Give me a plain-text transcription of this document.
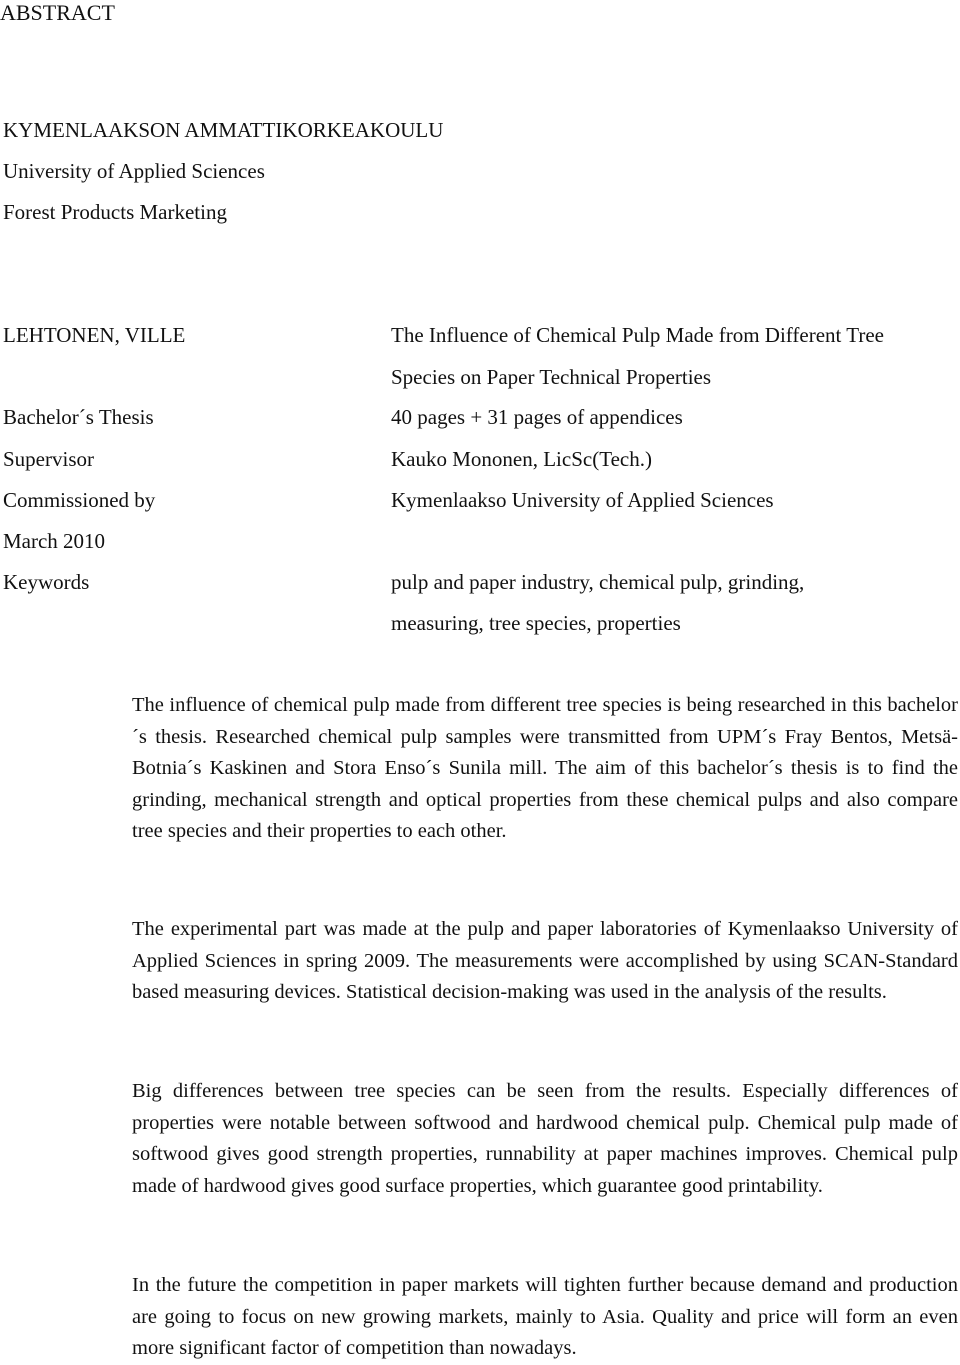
ABSTRACT
KYMENLAAKSON AMMATTIKORKEAKOULU
University of Applied Sciences
Forest Products Marketing
LEHTONEN, VILLE	The Influence of Chemical Pulp Made from Different Tree
Species on Paper Technical Properties
Bachelor´s Thesis	40 pages + 31 pages of appendices
Supervisor	Kauko Mononen, LicSc(Tech.)
Commissioned by	Kymenlaakso University of Applied Sciences
March 2010
Keywords	pulp and paper industry, chemical pulp, grinding,
measuring, tree species, properties

The influence of chemical pulp made from different tree species is being researched in this bachelor´s thesis. Researched chemical pulp samples were transmitted from UPM´s Fray Bentos, Metsä-Botnia´s Kaskinen and Stora Enso´s Sunila mill. The aim of this bachelor´s thesis is to find the grinding, mechanical strength and optical properties from these chemical pulps and also compare tree species and their properties to each other.

The experimental part was made at the pulp and paper laboratories of Kymenlaakso University of Applied Sciences in spring 2009. The measurements were accomplished by using SCAN-Standard based measuring devices. Statistical decision-making was used in the analysis of the results.

Big differences between tree species can be seen from the results. Especially differences of properties were notable between softwood and hardwood chemical pulp. Chemical pulp made of softwood gives good strength properties, runnability at paper machines improves. Chemical pulp made of hardwood gives good surface properties, which guarantee good printability.

In the future the competition in paper markets will tighten further because demand and production are going to focus on new growing markets, mainly to Asia. Quality and price will form an even more significant factor of competition than nowadays.
